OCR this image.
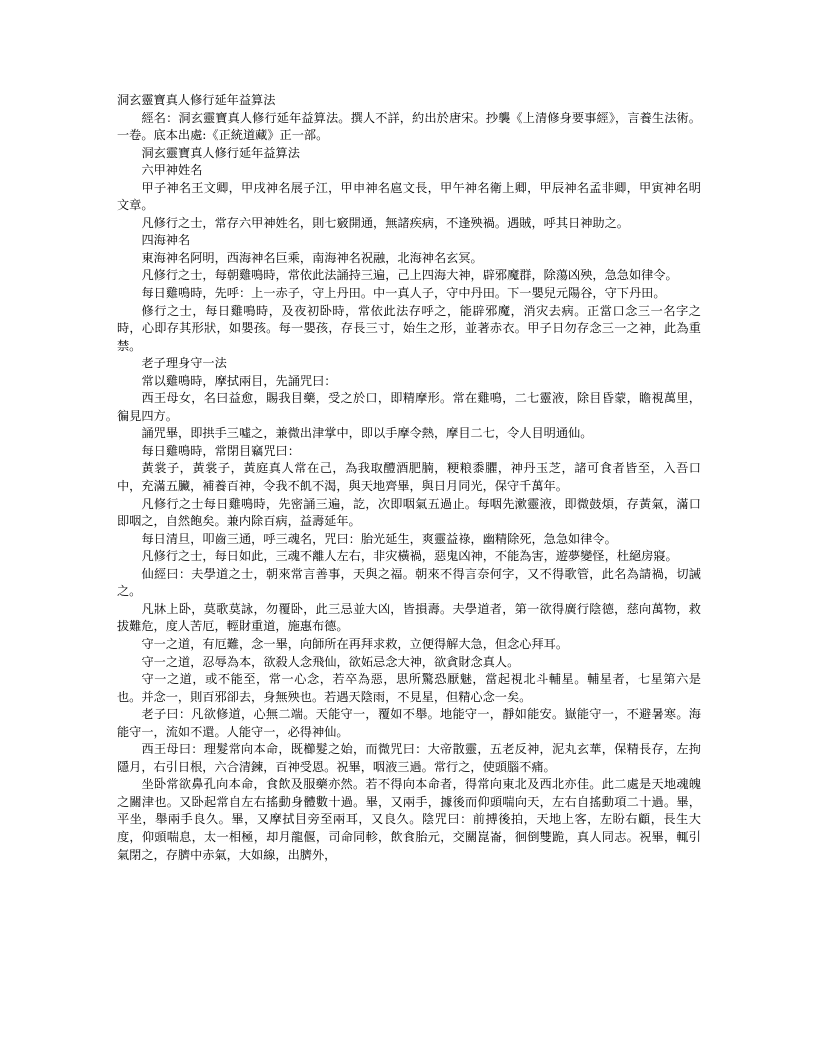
洞玄靈寶真人修行延年益算法

經名：洞玄靈寶真人修行延年益算法。撰人不詳，約出於唐宋。抄襲《上清修身要事經》，言養生法術。一卷。底本出處:《正統道藏》正一部。

洞玄靈寶真人修行延年益算法

六甲神姓名

甲子神名王文卿，甲戌神名展子江，甲申神名扈文長，甲午神名衛上卿，甲辰神名孟非卿，甲寅神名明文章。

凡修行之士，常存六甲神姓名，則七竅開通，無諸疾病，不逢殃禍。遇賊，呼其日神助之。

四海神名

東海神名阿明，西海神名巨乘，南海神名祝融，北海神名玄冥。

凡修行之士，每朝雞鳴時，常依此法誦持三遍，己上四海大神，辟邪魔群，除蕩凶殃，急急如律令。

每日雞鳴時，先呼：上一赤子，守上丹田。中一真人子，守中丹田。下一嬰兒元陽谷，守下丹田。

修行之士，每日雞鳴時，及夜初卧時，常依此法存呼之，能辟邪魔，消灾去病。正當口念三一名字之時，心即存其形狀，如嬰孩。每一嬰孩，存長三寸，始生之形，並著赤衣。甲子日勿存念三一之神，此為重禁。

老子理身守一法

常以雞鳴時，摩拭兩目，先誦咒曰：

西王母女，名曰益愈，賜我目藥，受之於口，即精摩形。常在雞鳴，二七靈液，除目昏蒙，瞻視萬里，徧見四方。

誦咒畢，即拱手三噓之，兼微出津掌中，即以手摩令熱，摩目二七，令人目明通仙。

每日雞鳴時，常閉目竊咒曰：

黃裳子，黃裳子，黃庭真人常在己，為我取醴酒肥腩，粳粮黍臞，神丹玉芝，諸可食者皆至，入吾口中，充滿五臟，補養百神，令我不飢不渴，與天地齊畢，與日月同光，保守千萬年。

凡修行之士每日雞鳴時，先密誦三遍，訖，次即咽氣五過止。每咽先漱靈液，即微鼓煩，存黃氣，滿口即咽之，自然飽矣。兼内除百病，益壽延年。

每日清旦，叩齒三通，呼三魂名，咒曰：胎光延生，爽靈益祿，幽精除死，急急如律令。

凡修行之士，每日如此，三魂不離人左右，非灾橫禍，惡鬼凶神，不能為害，遊夢變怪，杜絕房寢。

仙經曰：夫學道之士，朝來常言善事，天與之福。朝來不得言奈何字，又不得歌管，此名為請禍，切誡之。

凡牀上卧，莫歌莫詠，勿覆卧，此三忌並大凶，皆損壽。夫學道者，第一欲得廣行陰德，慈向萬物，救拔難危，度人苦厄，輕財重道，施惠布德。

守一之道，有厄難，念一畢，向師所在再拜求救，立便得解大急，但念心拜耳。

守一之道，忍辱為本，欲殺人念飛仙，欲妬忌念大神，欲貪財念真人。

守一之道，或不能至，常一心念，若卒為惡，思所驚恐厭魅，當起視北斗輔星。輔星者，七星第六是也。并念一，則百邪卻去，身無殃也。若遇天陰雨，不見星，但精心念一矣。

老子曰：凡欲修道，心無二端。天能守一，覆如不舉。地能守一，靜如能安。嶽能守一，不避暑寒。海能守一，流如不還。人能守一，必得神仙。

西王母曰：理髮常向本命，既櫛髮之始，而微咒曰：大帝散靈，五老反神，泥丸玄華，保精長存，左拘隱月，右引日根，六合清鍊，百神受恩。祝畢，咽液三過。常行之，使頭腦不痛。

坐卧常欲鼻孔向本命，食飲及服藥亦然。若不得向本命者，得常向東北及西北亦佳。此二處是天地魂魄之關津也。又卧起常自左右搖動身體數十過。畢，又兩手，據後而仰頭喘向天，左右自搖動項二十過。畢，平坐，舉兩手良久。畢，又摩拭目旁至兩耳，又良久。陰咒曰：前搏後拍，天地上客，左盼右顧，長生大度，仰頭喘息，太一相極，却月龍偃，司命同軫，飲食胎元，交關崑崙，徊倒雙跪，真人同志。祝畢，輒引氣閉之，存臍中赤氣，大如線，出臍外，
